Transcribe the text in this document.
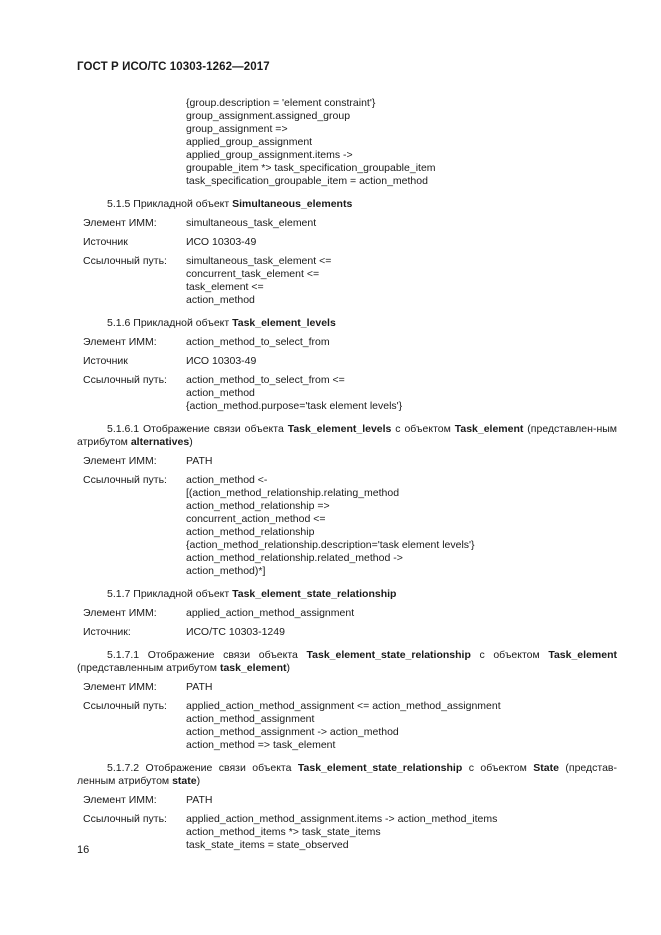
ГОСТ Р ИСО/ТС 10303-1262—2017
{group.description = 'element constraint'}
group_assignment.assigned_group
group_assignment =>
applied_group_assignment
applied_group_assignment.items ->
groupable_item *> task_specification_groupable_item
task_specification_groupable_item = action_method
5.1.5 Прикладной объект Simultaneous_elements
Элемент ИММ:	simultaneous_task_element
Источник	ИСО 10303-49
Ссылочный путь:	simultaneous_task_element <=
concurrent_task_element <=
task_element <=
action_method
5.1.6 Прикладной объект Task_element_levels
Элемент ИММ:	action_method_to_select_from
Источник	ИСО 10303-49
Ссылочный путь:	action_method_to_select_from <=
action_method
{action_method.purpose='task element levels'}
5.1.6.1 Отображение связи объекта Task_element_levels с объектом Task_element (представлен-ным атрибутом alternatives)
Элемент ИММ:	PATH
Ссылочный путь:	action_method <-
[(action_method_relationship.relating_method
action_method_relationship =>
concurrent_action_method <=
action_method_relationship
{action_method_relationship.description='task element levels'}
action_method_relationship.related_method ->
action_method)*]
5.1.7 Прикладной объект Task_element_state_relationship
Элемент ИММ:	applied_action_method_assignment
Источник:	ИСО/ТС 10303-1249
5.1.7.1 Отображение связи объекта Task_element_state_relationship с объектом Task_element (представленным атрибутом task_element)
Элемент ИММ:	PATH
Ссылочный путь:	applied_action_method_assignment <= action_method_assignment
action_method_assignment
action_method_assignment -> action_method
action_method => task_element
5.1.7.2 Отображение связи объекта Task_element_state_relationship с объектом State (представ-ленным атрибутом state)
Элемент ИММ:	PATH
Ссылочный путь:	applied_action_method_assignment.items -> action_method_items
action_method_items *> task_state_items
task_state_items = state_observed
16
